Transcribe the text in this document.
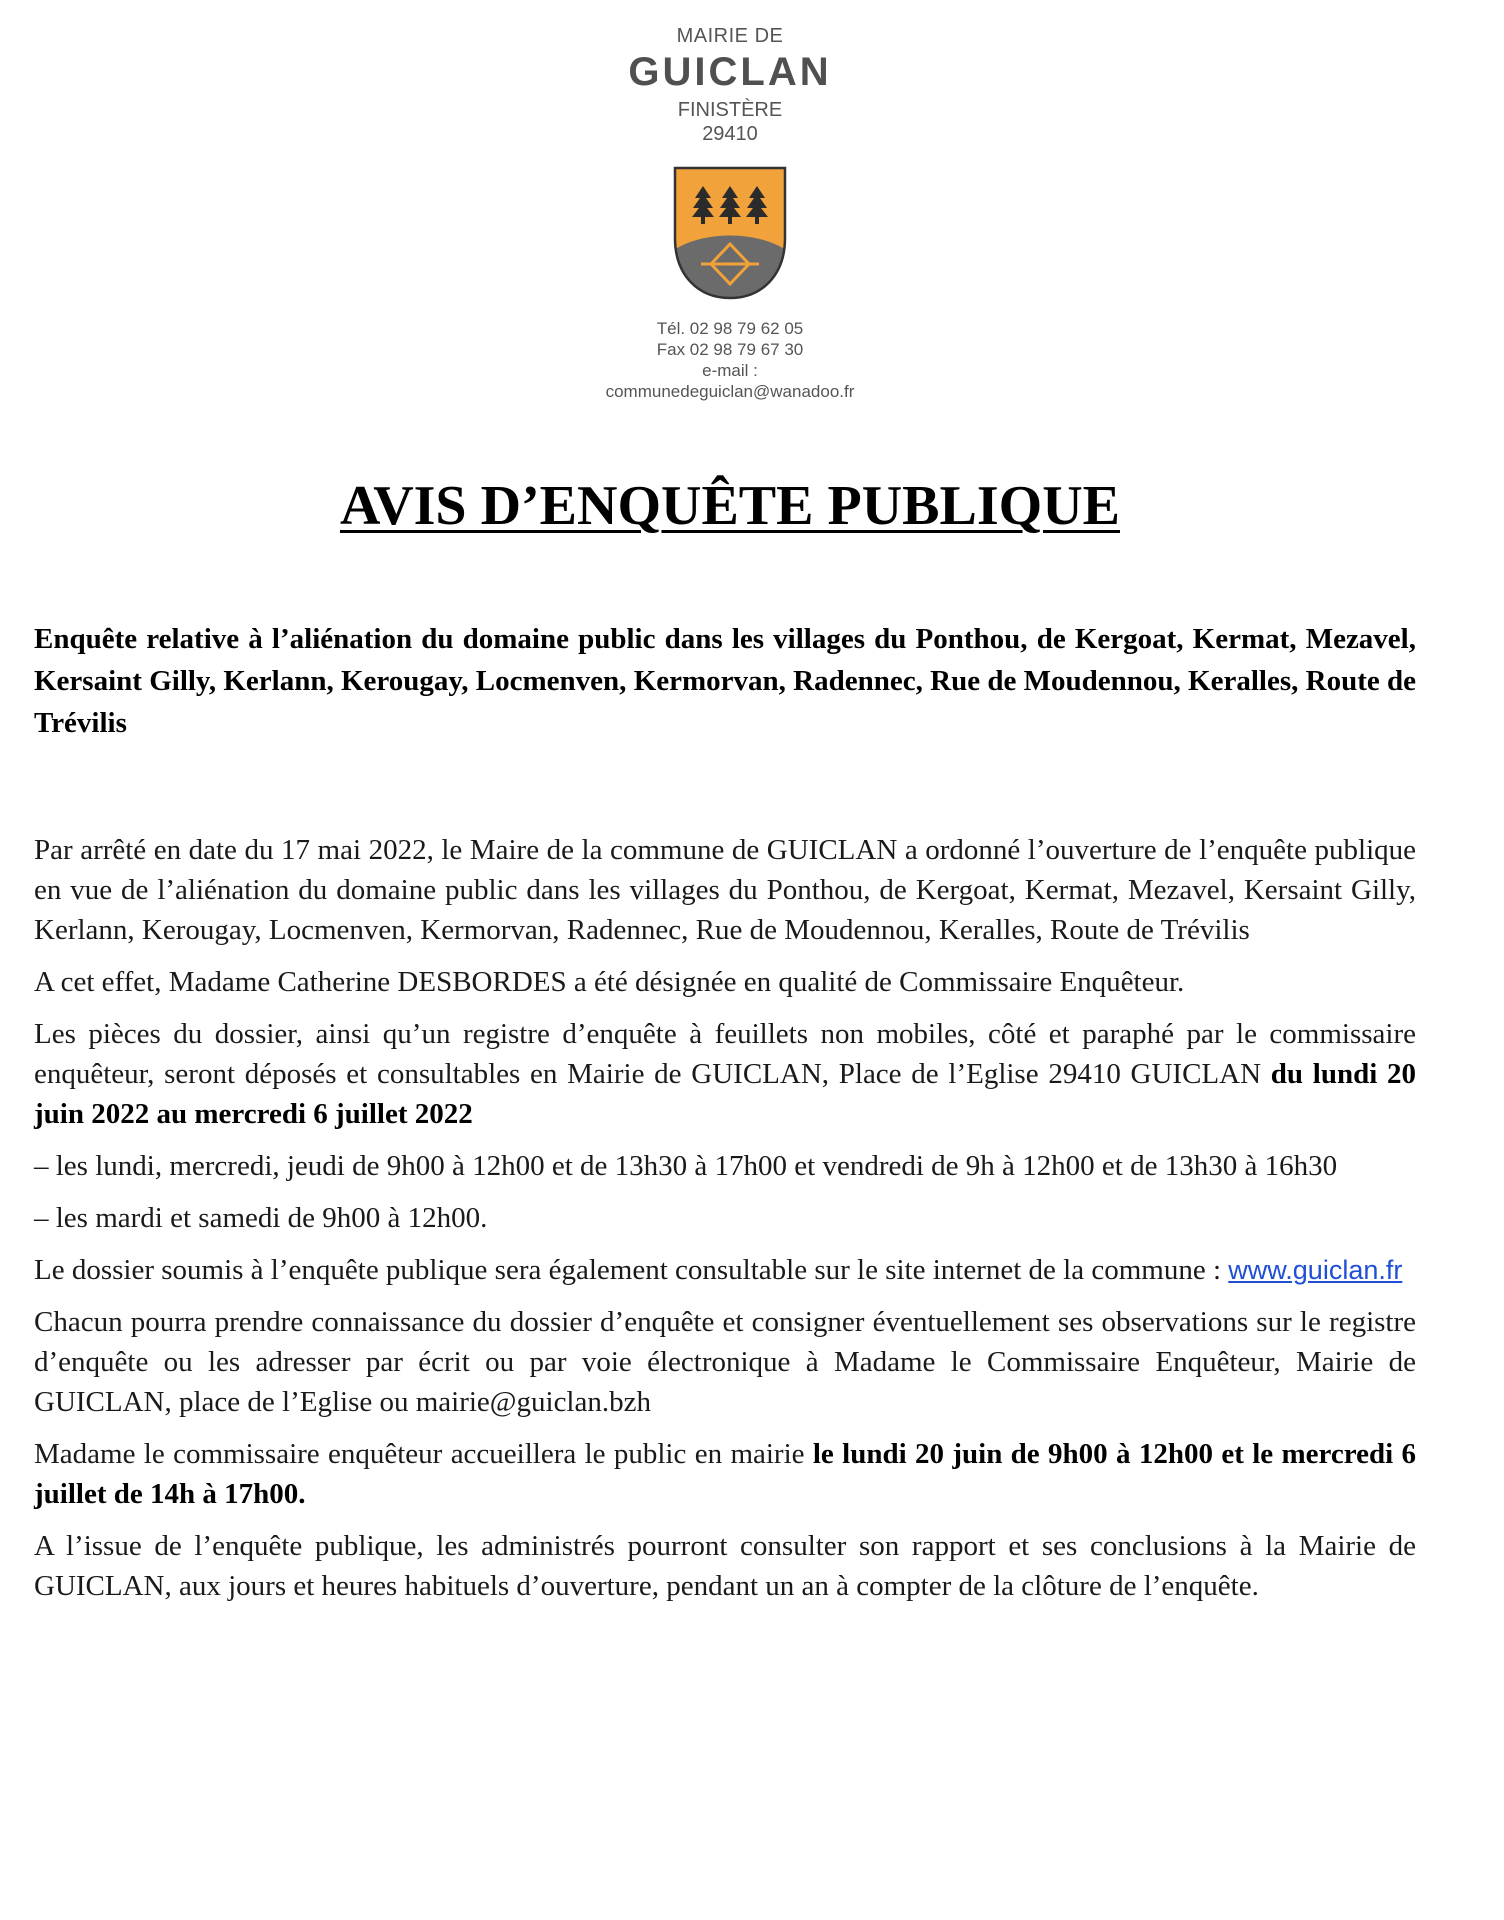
MAIRIE DE
GUICLAN
FINISTÈRE
29410
Tél. 02 98 79 62 05
Fax 02 98 79 67 30
e-mail :
communedeguiclan@wanadoo.fr
AVIS D’ENQUÊTE PUBLIQUE

Enquête relative à l’aliénation du domaine public dans les villages du Ponthou, de Kergoat, Kermat, Mezavel, Kersaint Gilly, Kerlann, Kerougay, Locmenven, Kermorvan, Radennec, Rue de Moudennou, Keralles, Route de Trévilis

Par arrêté en date du 17 mai 2022, le Maire de la commune de GUICLAN a ordonné l’ouverture de l’enquête publique en vue de l’aliénation du domaine public dans les villages du Ponthou, de Kergoat, Kermat, Mezavel, Kersaint Gilly, Kerlann, Kerougay, Locmenven, Kermorvan, Radennec, Rue de Moudennou, Keralles, Route de Trévilis

A cet effet, Madame Catherine DESBORDES a été désignée en qualité de Commissaire Enquêteur.

Les pièces du dossier, ainsi qu’un registre d’enquête à feuillets non mobiles, côté et paraphé par le commissaire enquêteur, seront déposés et consultables en Mairie de GUICLAN, Place de l’Eglise 29410 GUICLAN du lundi 20 juin 2022 au mercredi 6 juillet 2022

– les lundi, mercredi, jeudi de 9h00 à 12h00 et de 13h30 à 17h00 et vendredi de 9h à 12h00 et de 13h30 à 16h30

– les mardi et samedi de 9h00 à 12h00.

Le dossier soumis à l’enquête publique sera également consultable sur le site internet de la commune : www.guiclan.fr

Chacun pourra prendre connaissance du dossier d’enquête et consigner éventuellement ses observations sur le registre d’enquête ou les adresser par écrit ou par voie électronique à Madame le Commissaire Enquêteur, Mairie de GUICLAN, place de l’Eglise ou mairie@guiclan.bzh

Madame le commissaire enquêteur accueillera le public en mairie le lundi 20 juin de 9h00 à 12h00 et le mercredi 6 juillet de 14h à 17h00.

A l’issue de l’enquête publique, les administrés pourront consulter son rapport et ses conclusions à la Mairie de GUICLAN, aux jours et heures habituels d’ouverture, pendant un an à compter de la clôture de l’enquête.
